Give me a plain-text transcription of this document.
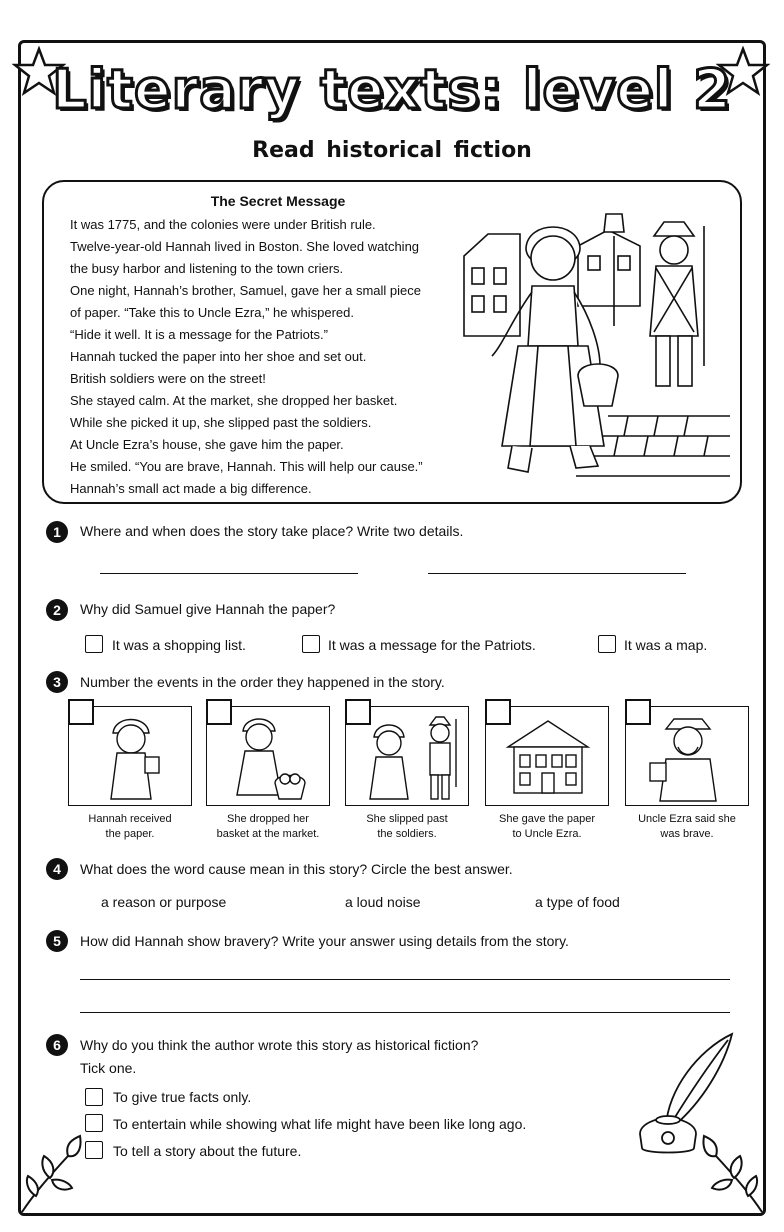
Literary texts: level 2
Read historical fiction
The Secret Message
It was 1775, and the colonies were under British rule.
Twelve-year-old Hannah lived in Boston. She loved watching
the busy harbor and listening to the town criers.
One night, Hannah’s brother, Samuel, gave her a small piece
of paper. “Take this to Uncle Ezra,” he whispered.
“Hide it well. It is a message for the Patriots.”
Hannah tucked the paper into her shoe and set out.
British soldiers were on the street!
She stayed calm. At the market, she dropped her basket.
While she picked it up, she slipped past the soldiers.
At Uncle Ezra’s house, she gave him the paper.
He smiled. “You are brave, Hannah. This will help our cause.”
Hannah’s small act made a big difference.
1	Where and when does the story take place? Write two details.
2	Why did Samuel give Hannah the paper?
It was a shopping list.	It was a message for the Patriots.	It was a map.
3	Number the events in the order they happened in the story.
Hannah received
the paper.
She dropped her
basket at the market.
She slipped past
the soldiers.
She gave the paper
to Uncle Ezra.
Uncle Ezra said she
was brave.
4	What does the word cause mean in this story? Circle the best answer.
a reason or purpose	a loud noise	a type of food
5	How did Hannah show bravery? Write your answer using details from the story.
6	Why do you think the author wrote this story as historical fiction?
Tick one.
To give true facts only.
To entertain while showing what life might have been like long ago.
To tell a story about the future.
